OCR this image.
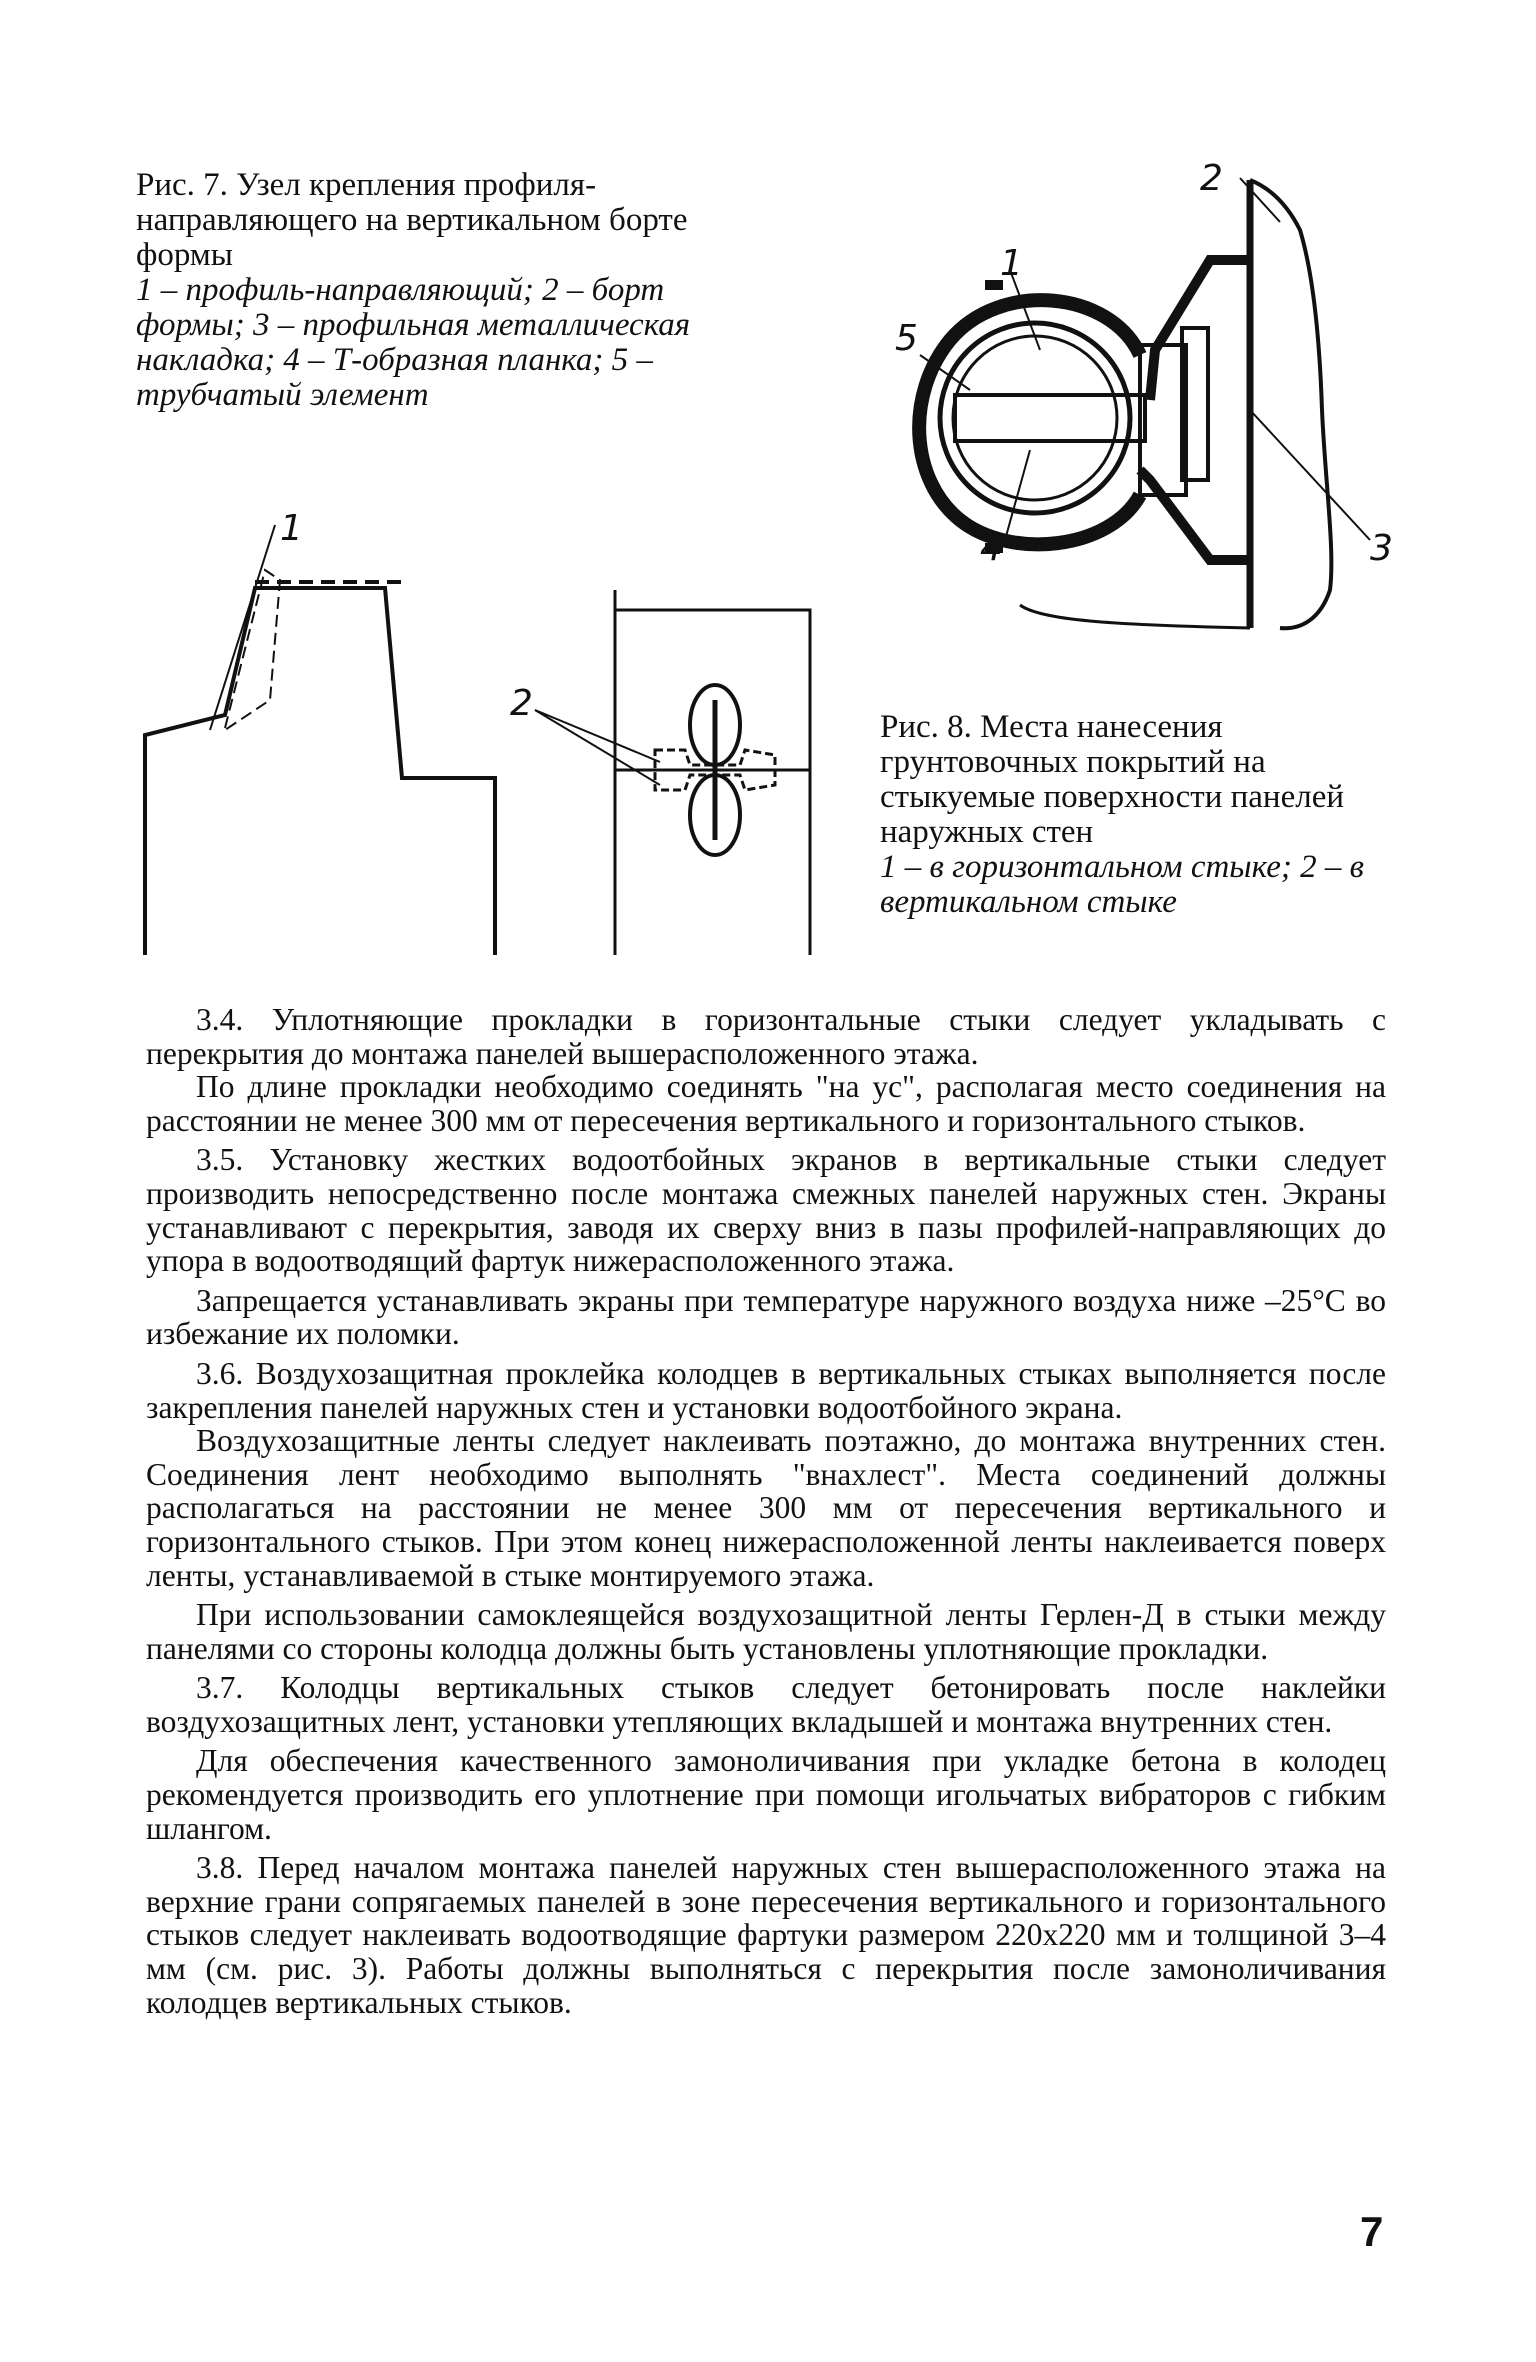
Рис. 7. Узел крепления профиля-направляющего на вертикальном борте формы
1 – профиль-направляющий; 2 – борт формы; 3 – профильная металлическая накладка; 4 – Т-образная планка; 5 – трубчатый элемент
2
3
5
1
4
1
2
Рис. 8. Места нанесения грунтовочных покрытий на стыкуемые поверхности панелей наружных стен
1 – в горизонтальном стыке; 2 – в вертикальном стыке

3.4. Уплотняющие прокладки в горизонтальные стыки следует укладывать с перекрытия до монтажа панелей вышерасположенного этажа.

По длине прокладки необходимо соединять "на ус", располагая место соединения на расстоянии не менее 300 мм от пересечения вертикального и горизонтального стыков.

3.5. Установку жестких водоотбойных экранов в вертикальные стыки следует производить непосредственно после монтажа смежных панелей наружных стен. Экраны устанавливают с перекрытия, заводя их сверху вниз в пазы профилей-направляющих до упора в водоотводящий фартук нижерасположенного этажа.

Запрещается устанавливать экраны при температуре наружного воздуха ниже –25°С во избежание их поломки.

3.6. Воздухозащитная проклейка колодцев в вертикальных стыках выполняется после закрепления панелей наружных стен и установки водоотбойного экрана.

Воздухозащитные ленты следует наклеивать поэтажно, до монтажа внутренних стен. Соединения лент необходимо выполнять "внахлест". Места соединений должны располагаться на расстоянии не менее 300 мм от пересечения вертикального и горизонтального стыков. При этом конец нижерасположенной ленты наклеивается поверх ленты, устанавливаемой в стыке монтируемого этажа.

При использовании самоклеящейся воздухозащитной ленты Герлен-Д в стыки между панелями со стороны колодца должны быть установлены уплотняющие прокладки.

3.7. Колодцы вертикальных стыков следует бетонировать после наклейки воздухозащитных лент, установки утепляющих вкладышей и монтажа внутренних стен.

Для обеспечения качественного замоноличивания при укладке бетона в колодец рекомендуется производить его уплотнение при помощи игольчатых вибраторов с гибким шлангом.

3.8. Перед началом монтажа панелей наружных стен вышерасположенного этажа на верхние грани сопрягаемых панелей в зоне пересечения вертикального и горизонтального стыков следует наклеивать водоотводящие фартуки размером 220х220 мм и толщиной 3–4 мм (см. рис. 3). Работы должны выполняться с перекрытия после замоноличивания колодцев вертикальных стыков.

7
